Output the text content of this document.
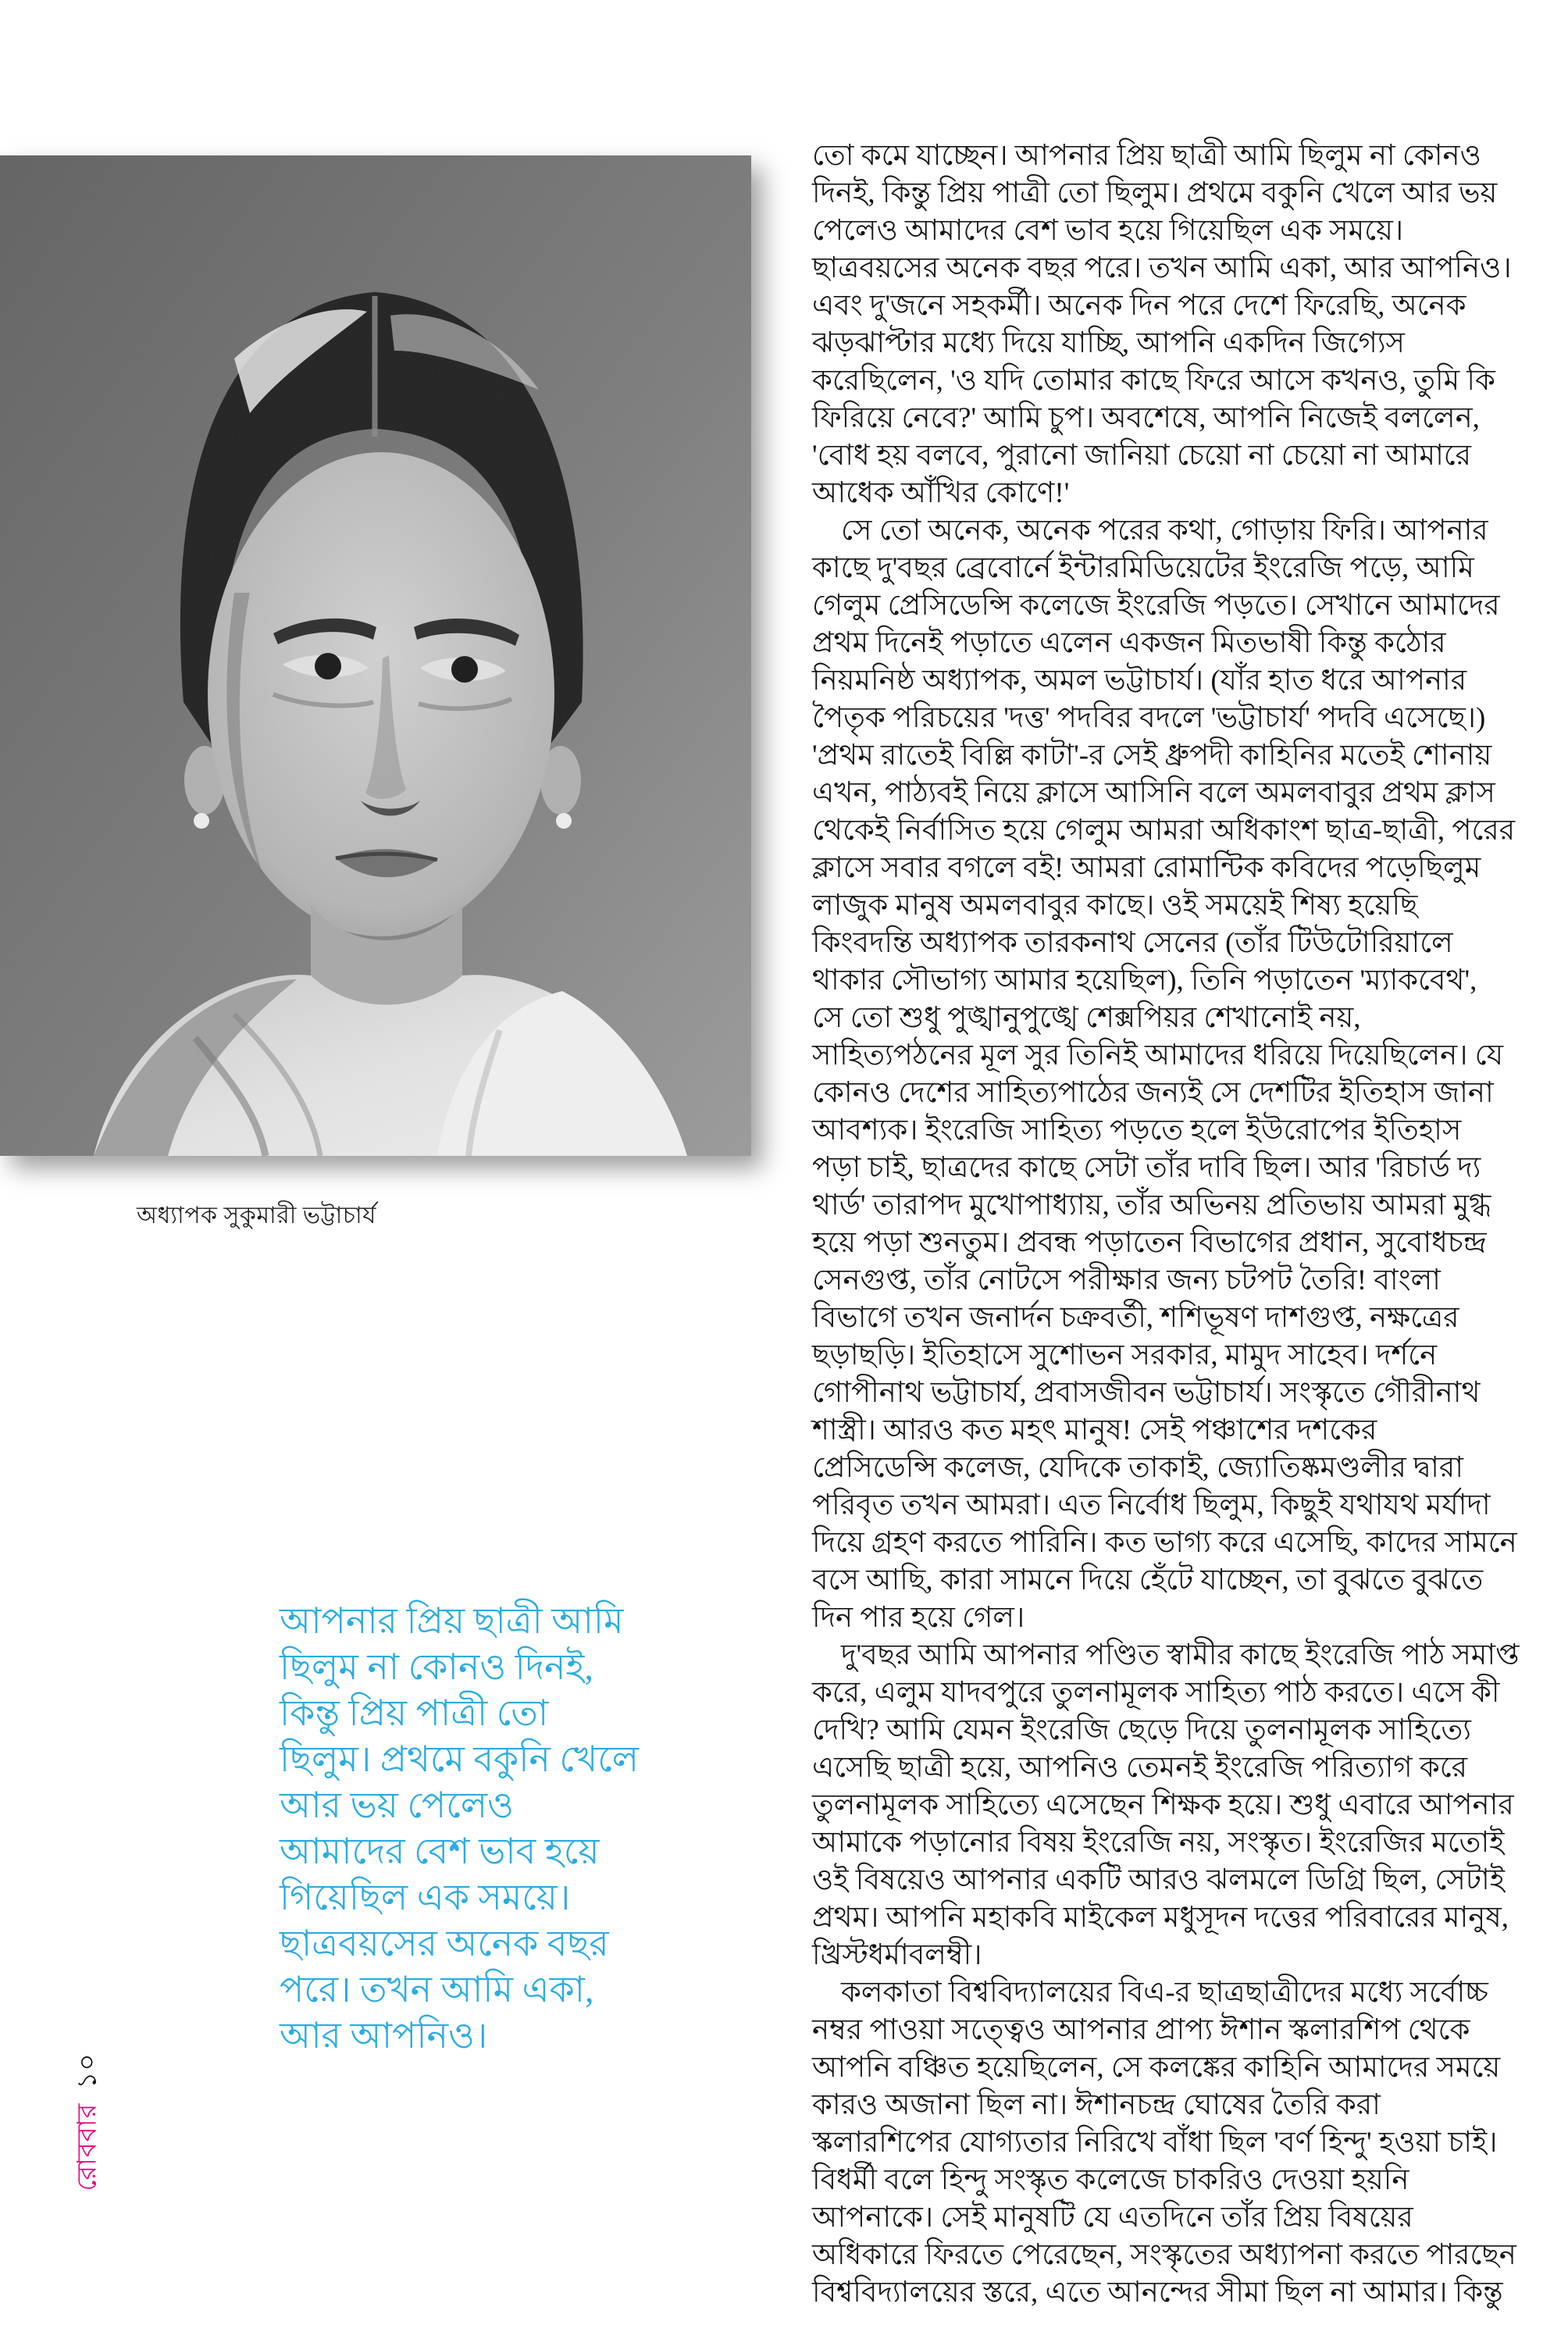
অধ্যাপক সুকুমারী ভট্টাচার্য
আপনার প্রিয় ছাত্রী আমি
ছিলুম না কোনও দিনই,
কিন্তু প্রিয় পাত্রী তো
ছিলুম। প্রথমে বকুনি খেলে
আর ভয় পেলেও
আমাদের বেশ ভাব হয়ে
গিয়েছিল এক সময়ে।
ছাত্রবয়সের অনেক বছর
পরে। তখন আমি একা,
আর আপনিও।
তো কমে যাচ্ছেন। আপনার প্রিয় ছাত্রী আমি ছিলুম না কোনও
দিনই, কিন্তু প্রিয় পাত্রী তো ছিলুম। প্রথমে বকুনি খেলে আর ভয়
পেলেও আমাদের বেশ ভাব হয়ে গিয়েছিল এক সময়ে।
ছাত্রবয়সের অনেক বছর পরে। তখন আমি একা, আর আপনিও।
এবং দু'জনে সহকর্মী। অনেক দিন পরে দেশে ফিরেছি, অনেক
ঝড়ঝাপ্টার মধ্যে দিয়ে যাচ্ছি, আপনি একদিন জিগ্যেস
করেছিলেন, 'ও যদি তোমার কাছে ফিরে আসে কখনও, তুমি কি
ফিরিয়ে নেবে?' আমি চুপ। অবশেষে, আপনি নিজেই বললেন,
'বোধ হয় বলবে, পুরানো জানিয়া চেয়ো না চেয়ো না আমারে
আধেক আঁখির কোণে!'
 সে তো অনেক, অনেক পরের কথা, গোড়ায় ফিরি। আপনার
কাছে দু'বছর ব্রেবোর্নে ইন্টারমিডিয়েটের ইংরেজি পড়ে, আমি
গেলুম প্রেসিডেন্সি কলেজে ইংরেজি পড়তে। সেখানে আমাদের
প্রথম দিনেই পড়াতে এলেন একজন মিতভাষী কিন্তু কঠোর
নিয়মনিষ্ঠ অধ্যাপক, অমল ভট্টাচার্য। (যাঁর হাত ধরে আপনার
পৈতৃক পরিচয়ের 'দত্ত' পদবির বদলে 'ভট্টাচার্য' পদবি এসেছে।)
'প্রথম রাতেই বিল্লি কাটা'-র সেই ধ্রুপদী কাহিনির মতেই শোনায়
এখন, পাঠ্যবই নিয়ে ক্লাসে আসিনি বলে অমলবাবুর প্রথম ক্লাস
থেকেই নির্বাসিত হয়ে গেলুম আমরা অধিকাংশ ছাত্র-ছাত্রী, পরের
ক্লাসে সবার বগলে বই! আমরা রোমান্টিক কবিদের পড়েছিলুম
লাজুক মানুষ অমলবাবুর কাছে। ওই সময়েই শিষ্য হয়েছি
কিংবদন্তি অধ্যাপক তারকনাথ সেনের (তাঁর টিউটোরিয়ালে
থাকার সৌভাগ্য আমার হয়েছিল), তিনি পড়াতেন 'ম্যাকবেথ',
সে তো শুধু পুঙ্খানুপুঙ্খে শেক্সপিয়র শেখানোই নয়,
সাহিত্যপঠনের মূল সুর তিনিই আমাদের ধরিয়ে দিয়েছিলেন। যে
কোনও দেশের সাহিত্যপাঠের জন্যই সে দেশটির ইতিহাস জানা
আবশ্যক। ইংরেজি সাহিত্য পড়তে হলে ইউরোপের ইতিহাস
পড়া চাই, ছাত্রদের কাছে সেটা তাঁর দাবি ছিল। আর 'রিচার্ড দ্য
থার্ড' তারাপদ মুখোপাধ্যায়, তাঁর অভিনয় প্রতিভায় আমরা মুগ্ধ
হয়ে পড়া শুনতুম। প্রবন্ধ পড়াতেন বিভাগের প্রধান, সুবোধচন্দ্র
সেনগুপ্ত, তাঁর নোটসে পরীক্ষার জন্য চটপট তৈরি! বাংলা
বিভাগে তখন জনার্দন চক্রবর্তী, শশিভূষণ দাশগুপ্ত, নক্ষত্রের
ছড়াছড়ি। ইতিহাসে সুশোভন সরকার, মামুদ সাহেব। দর্শনে
গোপীনাথ ভট্টাচার্য, প্রবাসজীবন ভট্টাচার্য। সংস্কৃতে গৌরীনাথ
শাস্ত্রী। আরও কত মহৎ মানুষ! সেই পঞ্চাশের দশকের
প্রেসিডেন্সি কলেজ, যেদিকে তাকাই, জ্যোতিষ্কমণ্ডলীর দ্বারা
পরিবৃত তখন আমরা। এত নির্বোধ ছিলুম, কিছুই যথাযথ মর্যাদা
দিয়ে গ্রহণ করতে পারিনি। কত ভাগ্য করে এসেছি, কাদের সামনে
বসে আছি, কারা সামনে দিয়ে হেঁটে যাচ্ছেন, তা বুঝতে বুঝতে
দিন পার হয়ে গেল।
 দু'বছর আমি আপনার পণ্ডিত স্বামীর কাছে ইংরেজি পাঠ সমাপ্ত
করে, এলুম যাদবপুরে তুলনামূলক সাহিত্য পাঠ করতে। এসে কী
দেখি? আমি যেমন ইংরেজি ছেড়ে দিয়ে তুলনামূলক সাহিত্যে
এসেছি ছাত্রী হয়ে, আপনিও তেমনই ইংরেজি পরিত্যাগ করে
তুলনামূলক সাহিত্যে এসেছেন শিক্ষক হয়ে। শুধু এবারে আপনার
আমাকে পড়ানোর বিষয় ইংরেজি নয়, সংস্কৃত। ইংরেজির মতোই
ওই বিষয়েও আপনার একটি আরও ঝলমলে ডিগ্রি ছিল, সেটাই
প্রথম। আপনি মহাকবি মাইকেল মধুসূদন দত্তের পরিবারের মানুষ,
খ্রিস্টধর্মাবলম্বী।
 কলকাতা বিশ্ববিদ্যালয়ের বিএ-র ছাত্রছাত্রীদের মধ্যে সর্বোচ্চ
নম্বর পাওয়া সত্ত্বেও আপনার প্রাপ্য ঈশান স্কলারশিপ থেকে
আপনি বঞ্চিত হয়েছিলেন, সে কলঙ্কের কাহিনি আমাদের সময়ে
কারও অজানা ছিল না। ঈশানচন্দ্র ঘোষের তৈরি করা
স্কলারশিপের যোগ্যতার নিরিখে বাঁধা ছিল 'বর্ণ হিন্দু' হওয়া চাই।
বিধর্মী বলে হিন্দু সংস্কৃত কলেজে চাকরিও দেওয়া হয়নি
আপনাকে। সেই মানুষটি যে এতদিনে তাঁর প্রিয় বিষয়ের
অধিকারে ফিরতে পেরেছেন, সংস্কৃতের অধ্যাপনা করতে পারছেন
বিশ্ববিদ্যালয়ের স্তরে, এতে আনন্দের সীমা ছিল না আমার। কিন্তু
রোববার১০
